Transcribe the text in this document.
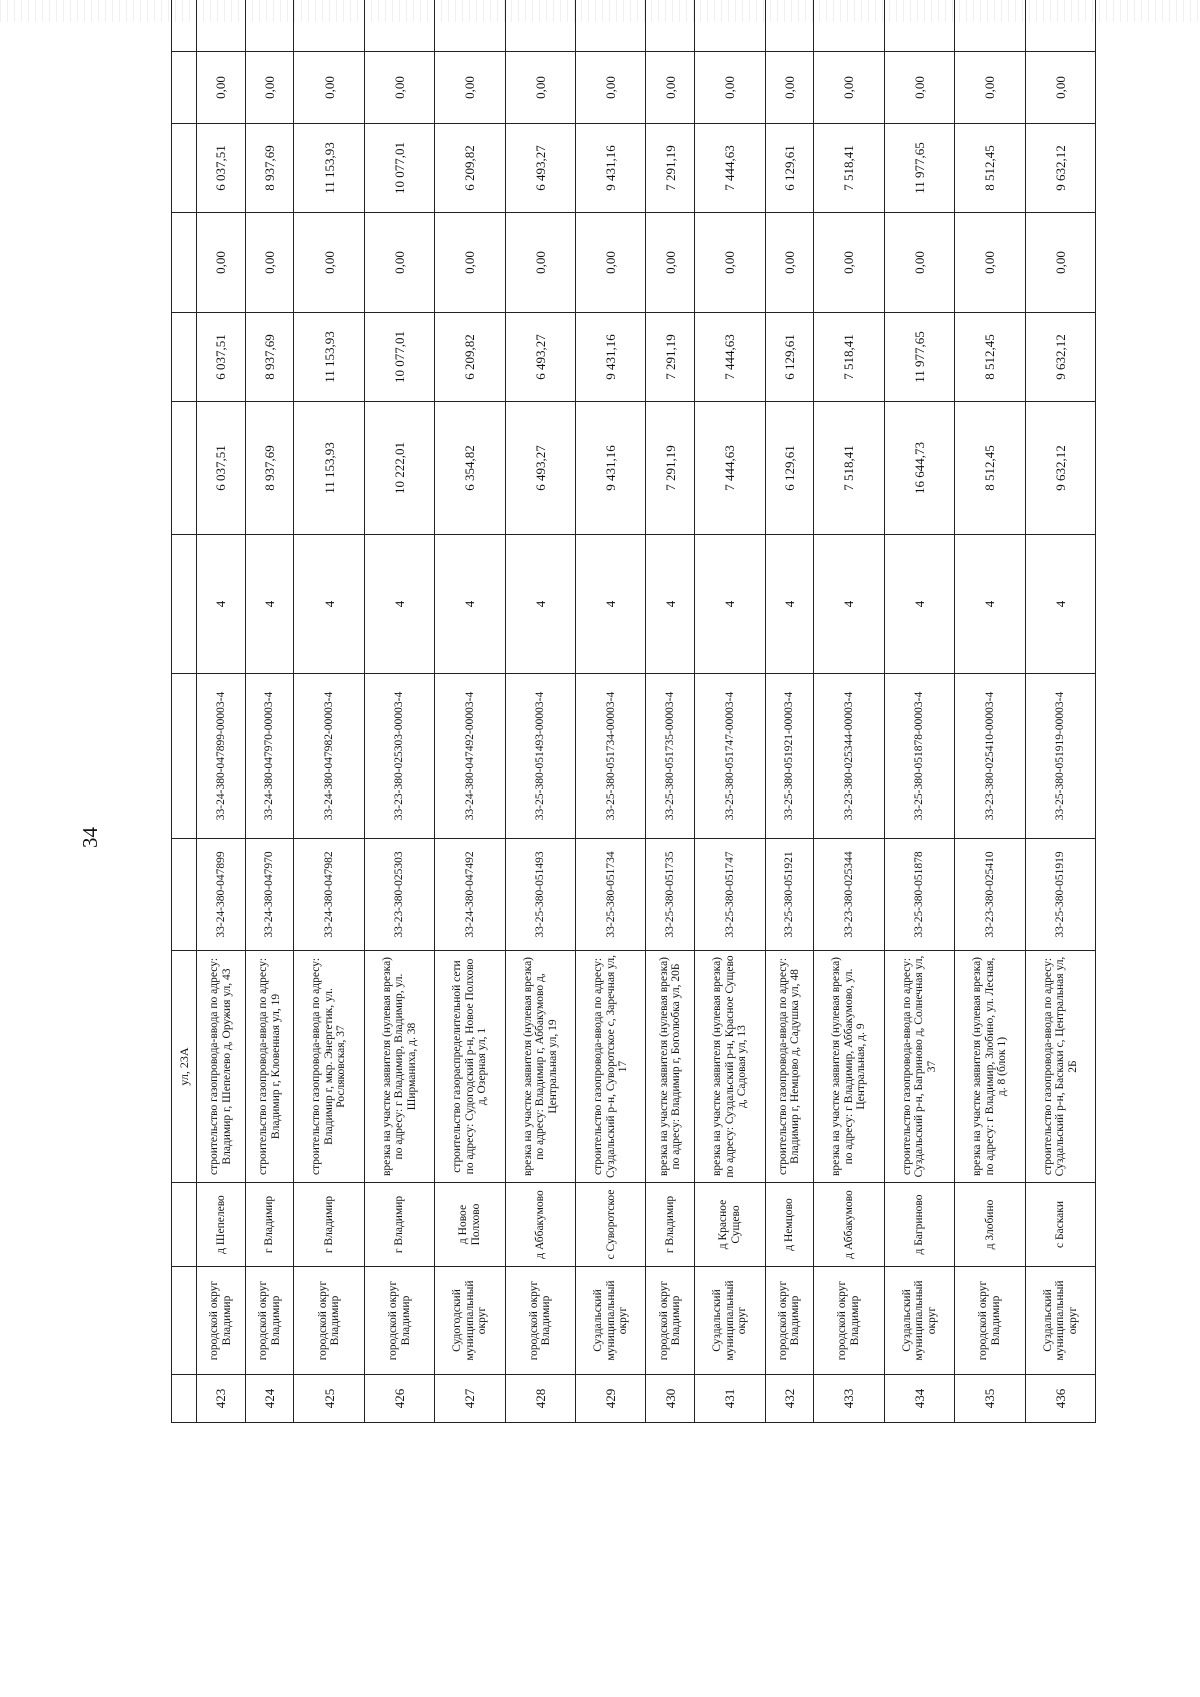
34
			ул, 23А									
423	городской округ Владимир	д Шепелево	строительство газопровода-ввода по адресу: Владимир г, Шепелево д, Оружия ул, 43	33-24-380-047899	33-24-380-047899-00003-4	4	6 037,51	6 037,51	0,00	6 037,51	0,00	
424	городской округ Владимир	г Владимир	строительство газопровода-ввода по адресу: Владимир г, Кловенная ул, 19	33-24-380-047970	33-24-380-047970-00003-4	4	8 937,69	8 937,69	0,00	8 937,69	0,00	
425	городской округ Владимир	г Владимир	строительство газопровода-ввода по адресу: Владимир г, мкр. Энергетик, ул. Росляковская, 37	33-24-380-047982	33-24-380-047982-00003-4	4	11 153,93	11 153,93	0,00	11 153,93	0,00	
426	городской округ Владимир	г Владимир	врезка на участке заявителя (нулевая врезка) по адресу: г Владимир, Владимир, ул. Ширманиха, д. 38	33-23-380-025303	33-23-380-025303-00003-4	4	10 222,01	10 077,01	0,00	10 077,01	0,00	
427	Судогодский муниципальный округ	д Новое Полхово	строительство газораспределительной сети по адресу: Судогодский р-н, Новое Полхово д, Озерная ул, 1	33-24-380-047492	33-24-380-047492-00003-4	4	6 354,82	6 209,82	0,00	6 209,82	0,00	
428	городской округ Владимир	д Аббакумово	врезка на участке заявителя (нулевая врезка) по адресу: Владимир г, Аббакумово д, Центральная ул, 19	33-25-380-051493	33-25-380-051493-00003-4	4	6 493,27	6 493,27	0,00	6 493,27	0,00	
429	Суздальский муниципальный округ	с Суворотское	строительство газопровода-ввода по адресу: Суздальский р-н, Суворотское с, Заречная ул, 17	33-25-380-051734	33-25-380-051734-00003-4	4	9 431,16	9 431,16	0,00	9 431,16	0,00	
430	городской округ Владимир	г Владимир	врезка на участке заявителя (нулевая врезка) по адресу: Владимир г, Боголюбка ул, 20Б	33-25-380-051735	33-25-380-051735-00003-4	4	7 291,19	7 291,19	0,00	7 291,19	0,00	
431	Суздальский муниципальный округ	д Красное Сущево	врезка на участке заявителя (нулевая врезка) по адресу: Суздальский р-н, Красное Сущево д, Садовая ул, 13	33-25-380-051747	33-25-380-051747-00003-4	4	7 444,63	7 444,63	0,00	7 444,63	0,00	
432	городской округ Владимир	д Немцово	строительство газопровода-ввода по адресу: Владимир г, Немцово д, Садушка ул, 48	33-25-380-051921	33-25-380-051921-00003-4	4	6 129,61	6 129,61	0,00	6 129,61	0,00	
433	городской округ Владимир	д Аббакумово	врезка на участке заявителя (нулевая врезка) по адресу: г Владимир, Аббакумово, ул. Центральная, д. 9	33-23-380-025344	33-23-380-025344-00003-4	4	7 518,41	7 518,41	0,00	7 518,41	0,00	
434	Суздальский муниципальный округ	д Багриново	строительство газопровода-ввода по адресу: Суздальский р-н, Багриново д, Солнечная ул, 37	33-25-380-051878	33-25-380-051878-00003-4	4	16 644,73	11 977,65	0,00	11 977,65	0,00	
435	городской округ Владимир	д Злобино	врезка на участке заявителя (нулевая врезка) по адресу: г Владимир, Злобино, ул. Лесная, д. 8 (блок 1)	33-23-380-025410	33-23-380-025410-00003-4	4	8 512,45	8 512,45	0,00	8 512,45	0,00	
436	Суздальский муниципальный округ	с Баскаки	строительство газопровода-ввода по адресу: Суздальский р-н, Баскаки с, Центральная ул, 2Б	33-25-380-051919	33-25-380-051919-00003-4	4	9 632,12	9 632,12	0,00	9 632,12	0,00	
